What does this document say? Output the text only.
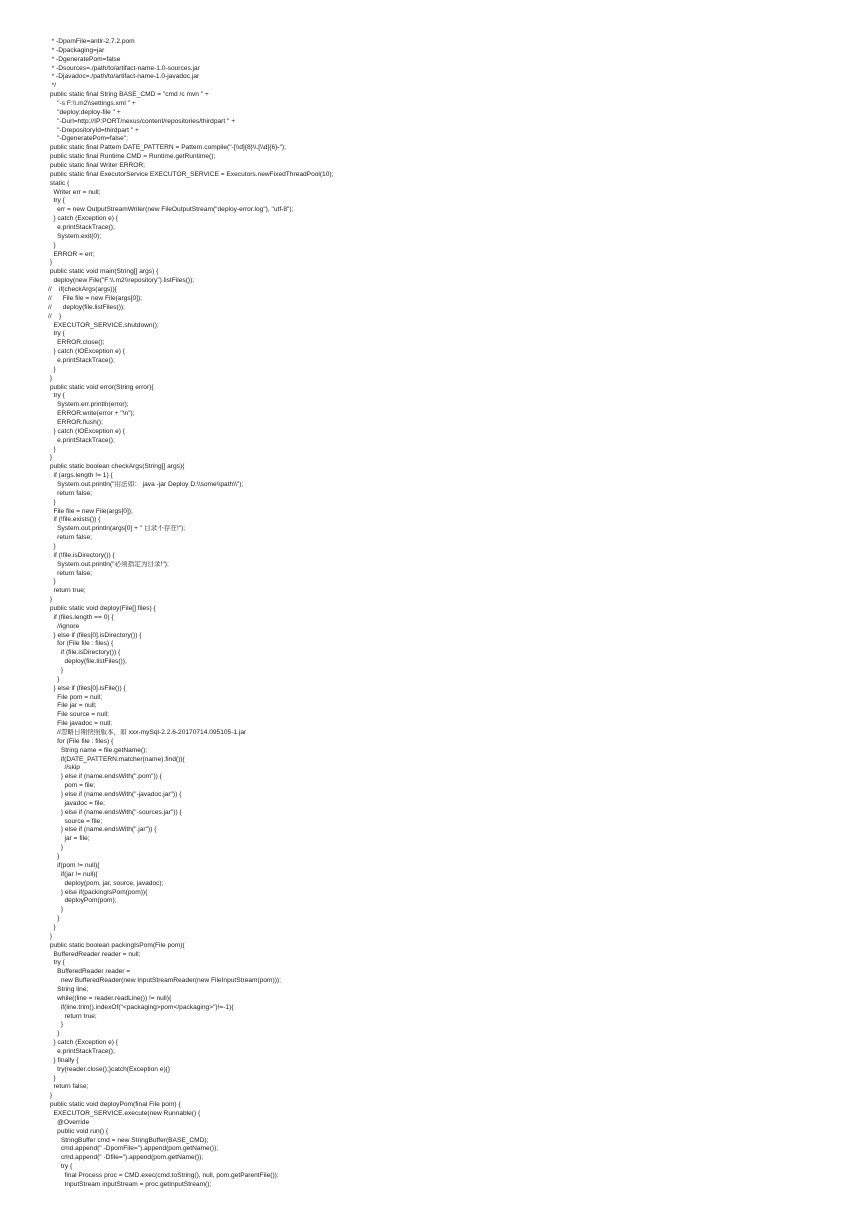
* -DpomFile=antlr-2.7.2.pom
* -Dpackaging=jar
* -DgeneratePom=false
* -Dsources=./path/to/artifact-name-1.0-sources.jar
* -Djavadoc=./path/to/artifact-name-1.0-javadoc.jar
*/
public static final String BASE_CMD = "cmd /c mvn " +
"-s F:\\.m2\\settings.xml " +
"deploy:deploy-file " +
"-Durl=http://IP:PORT/nexus/content/repositories/thirdpart " +
"-DrepositoryId=thirdpart " +
"-DgeneratePom=false";
public static final Pattern DATE_PATTERN = Pattern.compile("-[\\d]{8}\\.[\\d]{6}-");
public static final Runtime CMD = Runtime.getRuntime();
public static final Writer ERROR;
public static final ExecutorService EXECUTOR_SERVICE = Executors.newFixedThreadPool(10);
static {
Writer err = null;
try {
err = new OutputStreamWriter(new FileOutputStream("deploy-error.log"), "utf-8");
} catch (Exception e) {
e.printStackTrace();
System.exit(0);
}
ERROR = err;
}
public static void main(String[] args) {
deploy(new File("F:\\.m2\\repository").listFiles());
//    if(checkArgs(args)){
//      File file = new File(args[0]);
//      deploy(file.listFiles());
//    }
EXECUTOR_SERVICE.shutdown();
try {
ERROR.close();
} catch (IOException e) {
e.printStackTrace();
}
}
public static void error(String error){
try {
System.err.println(error);
ERROR.write(error + "\n");
ERROR.flush();
} catch (IOException e) {
e.printStackTrace();
}
}
public static boolean checkArgs(String[] args){
if (args.length != 1) {
System.out.println("用法如： java -jar Deploy D:\\some\\path\\");
return false;
}
File file = new File(args[0]);
if (!file.exists()) {
System.out.println(args[0] + " 目录不存在!");
return false;
}
if (!file.isDirectory()) {
System.out.println("必须指定为目录!");
return false;
}
return true;
}
public static void deploy(File[] files) {
if (files.length == 0) {
//ignore
} else if (files[0].isDirectory()) {
for (File file : files) {
if (file.isDirectory()) {
deploy(file.listFiles());
}
}
} else if (files[0].isFile()) {
File pom = null;
File jar = null;
File source = null;
File javadoc = null;
//忽略日期快照版本，如 xxx-mySql-2.2.6-20170714.095105-1.jar
for (File file : files) {
String name = file.getName();
if(DATE_PATTERN.matcher(name).find()){
//skip
} else if (name.endsWith(".pom")) {
pom = file;
} else if (name.endsWith("-javadoc.jar")) {
javadoc = file;
} else if (name.endsWith("-sources.jar")) {
source = file;
} else if (name.endsWith(".jar")) {
jar = file;
}
}
if(pom != null){
if(jar != null){
deploy(pom, jar, source, javadoc);
} else if(packingIsPom(pom)){
deployPom(pom);
}
}
}
}
public static boolean packingIsPom(File pom){
BufferedReader reader = null;
try {
BufferedReader reader =
new BufferedReader(new InputStreamReader(new FileInputStream(pom)));
String line;
while((line = reader.readLine()) != null){
if(line.trim().indexOf("<packaging>pom</packaging>")!=-1){
return true;
}
}
} catch (Exception e) {
e.printStackTrace();
} finally {
try{reader.close();}catch(Exception e){}
}
return false;
}
public static void deployPom(final File pom) {
EXECUTOR_SERVICE.execute(new Runnable() {
@Override
public void run() {
StringBuffer cmd = new StringBuffer(BASE_CMD);
cmd.append(" -DpomFile=").append(pom.getName());
cmd.append(" -Dfile=").append(pom.getName());
try {
final Process proc = CMD.exec(cmd.toString(), null, pom.getParentFile());
InputStream inputStream = proc.getInputStream();
